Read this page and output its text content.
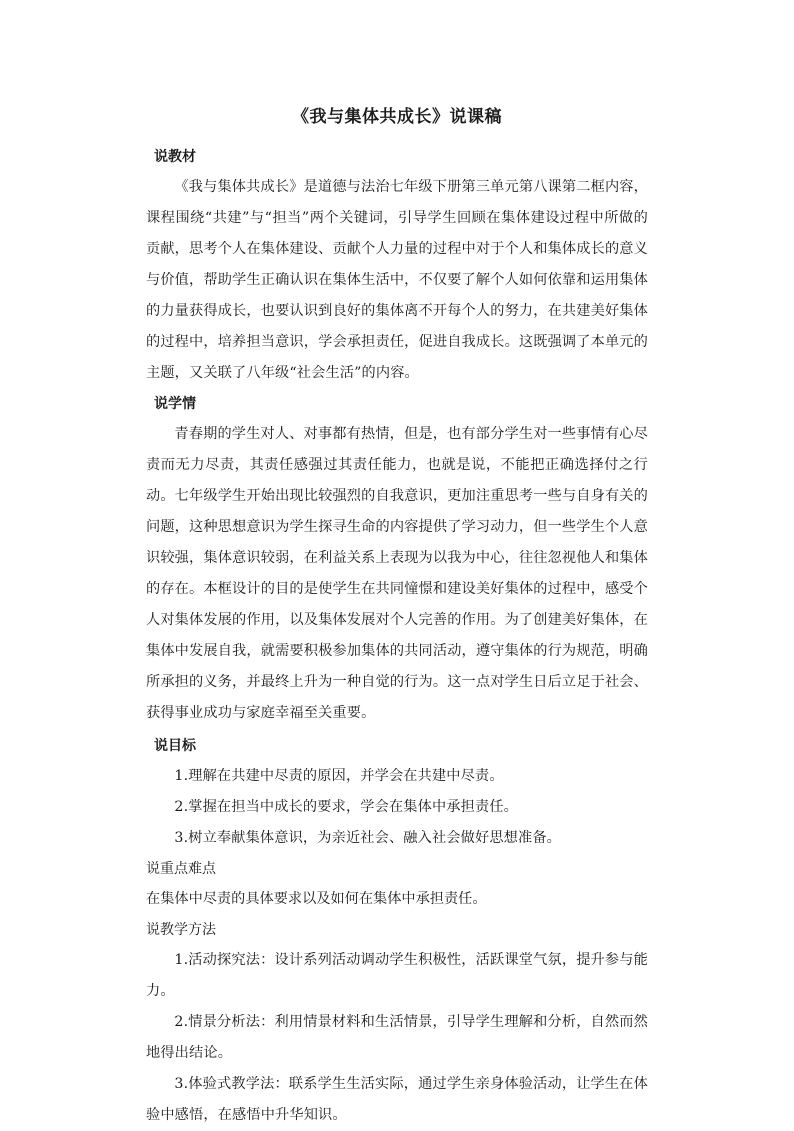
《我与集体共成长》说课稿
说教材

《我与集体共成长》是道德与法治七年级下册第三单元第八课第二框内容，课程围绕“共建”与“担当”两个关键词，引导学生回顾在集体建设过程中所做的贡献，思考个人在集体建设、贡献个人力量的过程中对于个人和集体成长的意义与价值，帮助学生正确认识在集体生活中，不仅要了解个人如何依靠和运用集体的力量获得成长，也要认识到良好的集体离不开每个人的努力，在共建美好集体的过程中，培养担当意识，学会承担责任，促进自我成长。这既强调了本单元的主题，又关联了八年级“社会生活”的内容。

说学情

青春期的学生对人、对事都有热情，但是，也有部分学生对一些事情有心尽责而无力尽责，其责任感强过其责任能力，也就是说，不能把正确选择付之行动。七年级学生开始出现比较强烈的自我意识，更加注重思考一些与自身有关的问题，这种思想意识为学生探寻生命的内容提供了学习动力，但一些学生个人意识较强，集体意识较弱，在利益关系上表现为以我为中心，往往忽视他人和集体的存在。本框设计的目的是使学生在共同憧憬和建设美好集体的过程中，感受个人对集体发展的作用，以及集体发展对个人完善的作用。为了创建美好集体，在集体中发展自我，就需要积极参加集体的共同活动，遵守集体的行为规范，明确所承担的义务，并最终上升为一种自觉的行为。这一点对学生日后立足于社会、获得事业成功与家庭幸福至关重要。

说目标

1.理解在共建中尽责的原因，并学会在共建中尽责。

2.掌握在担当中成长的要求，学会在集体中承担责任。

3.树立奉献集体意识，为亲近社会、融入社会做好思想准备。

说重点难点

在集体中尽责的具体要求以及如何在集体中承担责任。

说教学方法

1.活动探究法：设计系列活动调动学生积极性，活跃课堂气氛，提升参与能力。

2.情景分析法：利用情景材料和生活情景，引导学生理解和分析，自然而然地得出结论。

3.体验式教学法：联系学生生活实际，通过学生亲身体验活动，让学生在体验中感悟，在感悟中升华知识。
